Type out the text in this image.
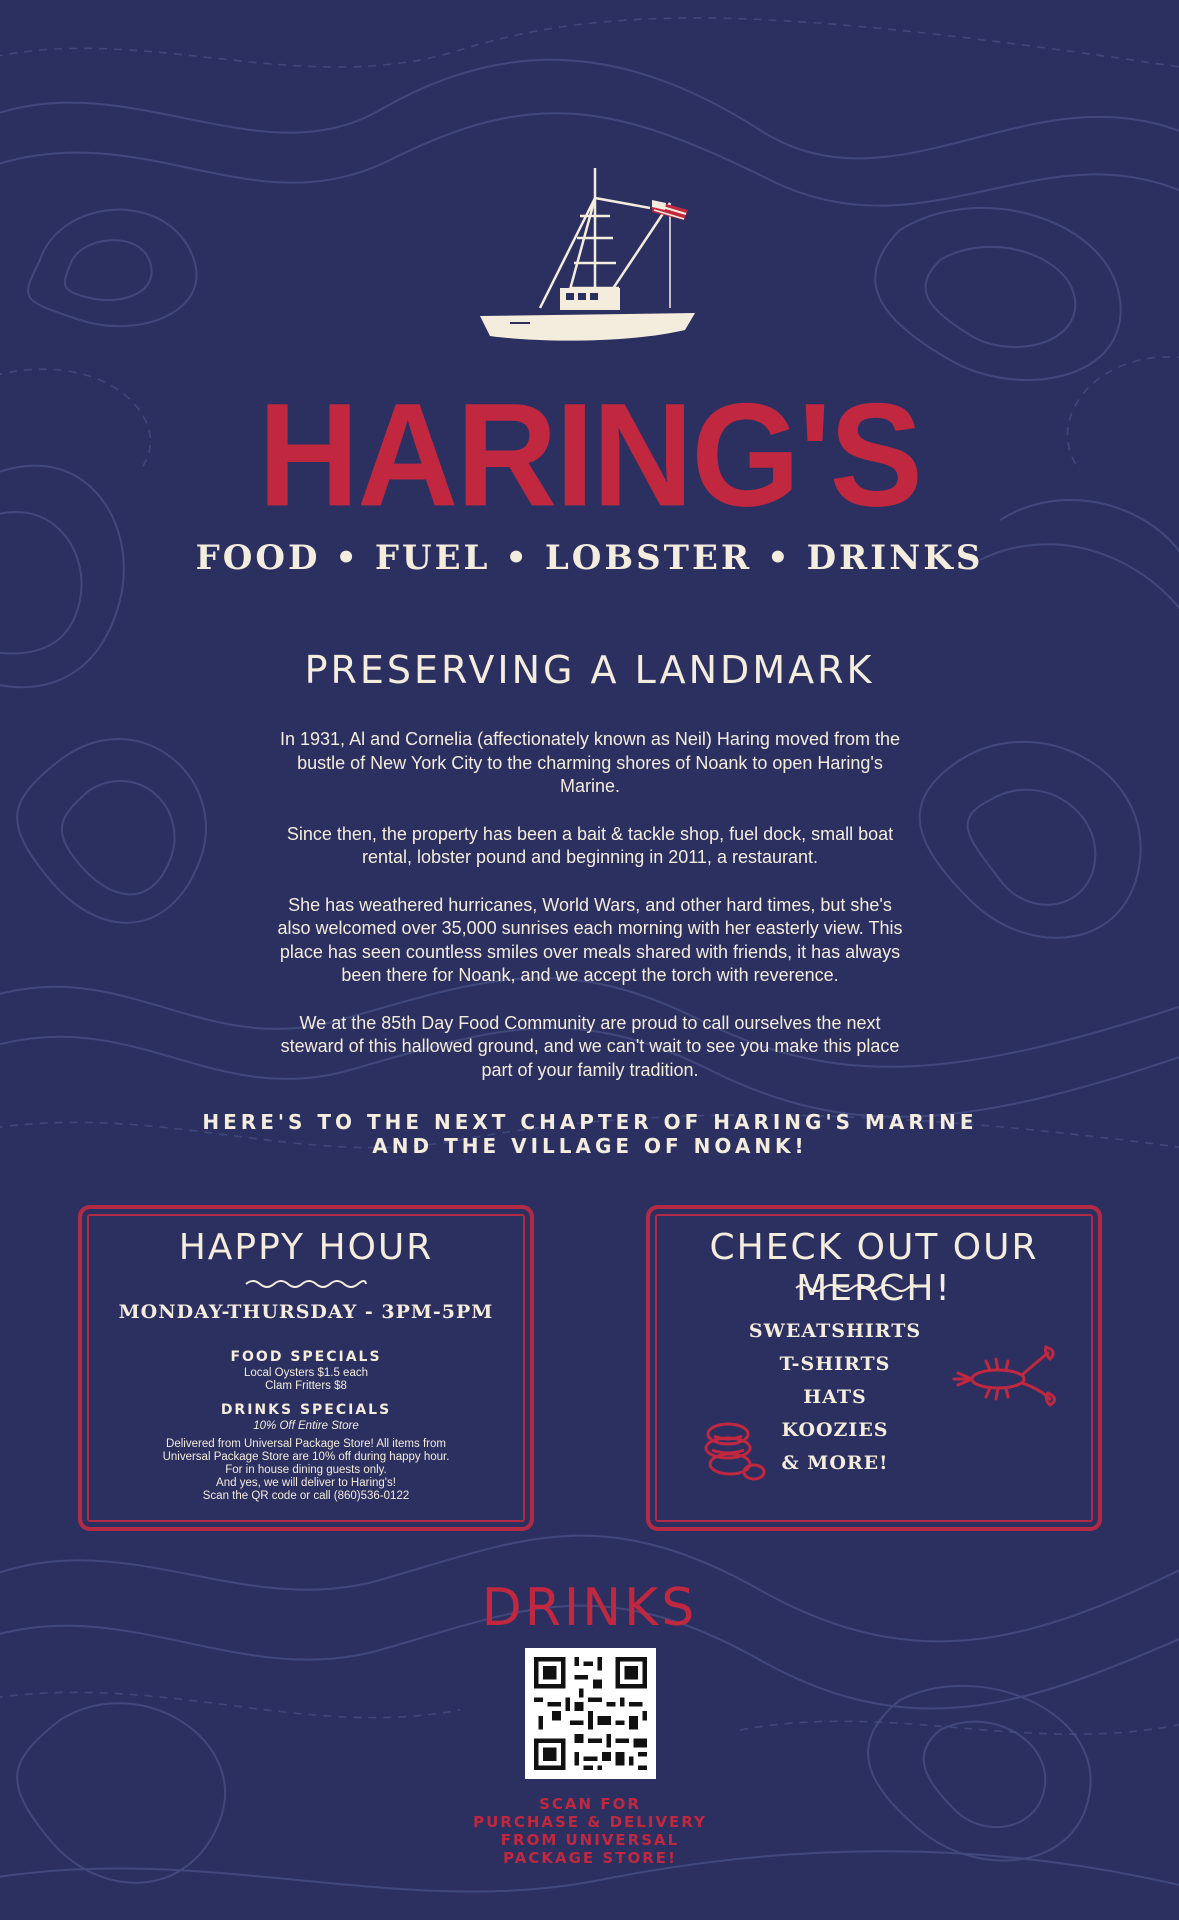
HARING'S
FOOD • FUEL • LOBSTER • DRINKS
PRESERVING A LANDMARK

In 1931, Al and Cornelia (affectionately known as Neil) Haring moved from the bustle of New York City to the charming shores of Noank to open Haring's Marine.

Since then, the property has been a bait & tackle shop, fuel dock, small boat rental, lobster pound and beginning in 2011, a restaurant.

She has weathered hurricanes, World Wars, and other hard times, but she's also welcomed over 35,000 sunrises each morning with her easterly view. This place has seen countless smiles over meals shared with friends, it has always been there for Noank, and we accept the torch with reverence.

We at the 85th Day Food Community are proud to call ourselves the next steward of this hallowed ground, and we can't wait to see you make this place part of your family tradition.

HERE'S TO THE NEXT CHAPTER OF HARING'S MARINE
AND THE VILLAGE OF NOANK!
HAPPY HOUR
MONDAY-THURSDAY - 3PM-5PM
FOOD SPECIALS
Local Oysters $1.5 each
Clam Fritters $8
DRINKS SPECIALS
10% Off Entire Store
Delivered from Universal Package Store! All items from
Universal Package Store are 10% off during happy hour.
For in house dining guests only.
And yes, we will deliver to Haring's!
Scan the QR code or call (860)536-0122
CHECK OUT OUR MERCH!
SWEATSHIRTS
T-SHIRTS
HATS
KOOZIES
& MORE!
DRINKS
SCAN FOR
PURCHASE & DELIVERY
FROM UNIVERSAL
PACKAGE STORE!
